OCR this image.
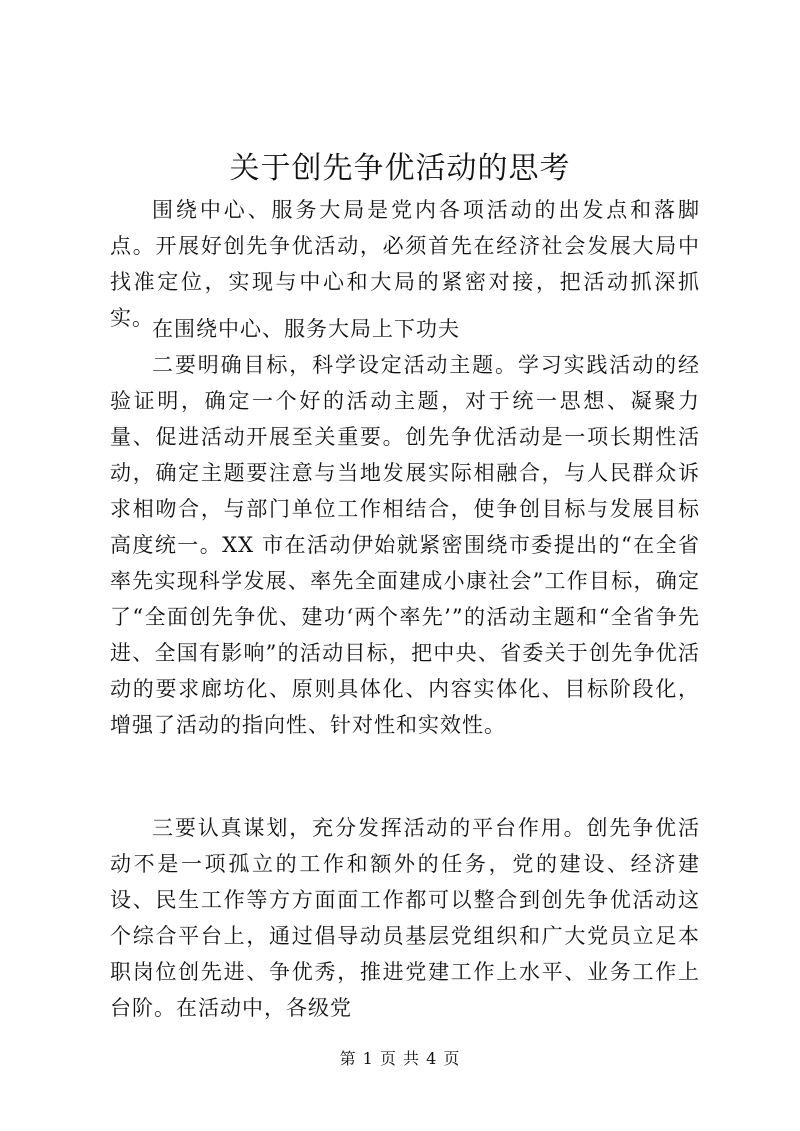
关于创先争优活动的思考
围绕中心、服务大局是党内各项活动的出发点和落脚点。开展好创先争优活动，必须首先在经济社会发展大局中找准定位，实现与中心和大局的紧密对接，把活动抓深抓实。
在围绕中心、服务大局上下功夫
二要明确目标，科学设定活动主题。学习实践活动的经验证明，确定一个好的活动主题，对于统一思想、凝聚力量、促进活动开展至关重要。创先争优活动是一项长期性活动，确定主题要注意与当地发展实际相融合，与人民群众诉求相吻合，与部门单位工作相结合，使争创目标与发展目标高度统一。XX 市在活动伊始就紧密围绕市委提出的“在全省率先实现科学发展、率先全面建成小康社会”工作目标，确定了“全面创先争优、建功‘两个率先’”的活动主题和“全省争先进、全国有影响”的活动目标，把中央、省委关于创先争优活动的要求廊坊化、原则具体化、内容实体化、目标阶段化，增强了活动的指向性、针对性和实效性。
三要认真谋划，充分发挥活动的平台作用。创先争优活动不是一项孤立的工作和额外的任务，党的建设、经济建设、民生工作等方方面面工作都可以整合到创先争优活动这个综合平台上，通过倡导动员基层党组织和广大党员立足本职岗位创先进、争优秀，推进党建工作上水平、业务工作上台阶。在活动中，各级党
第 1 页 共 4 页
